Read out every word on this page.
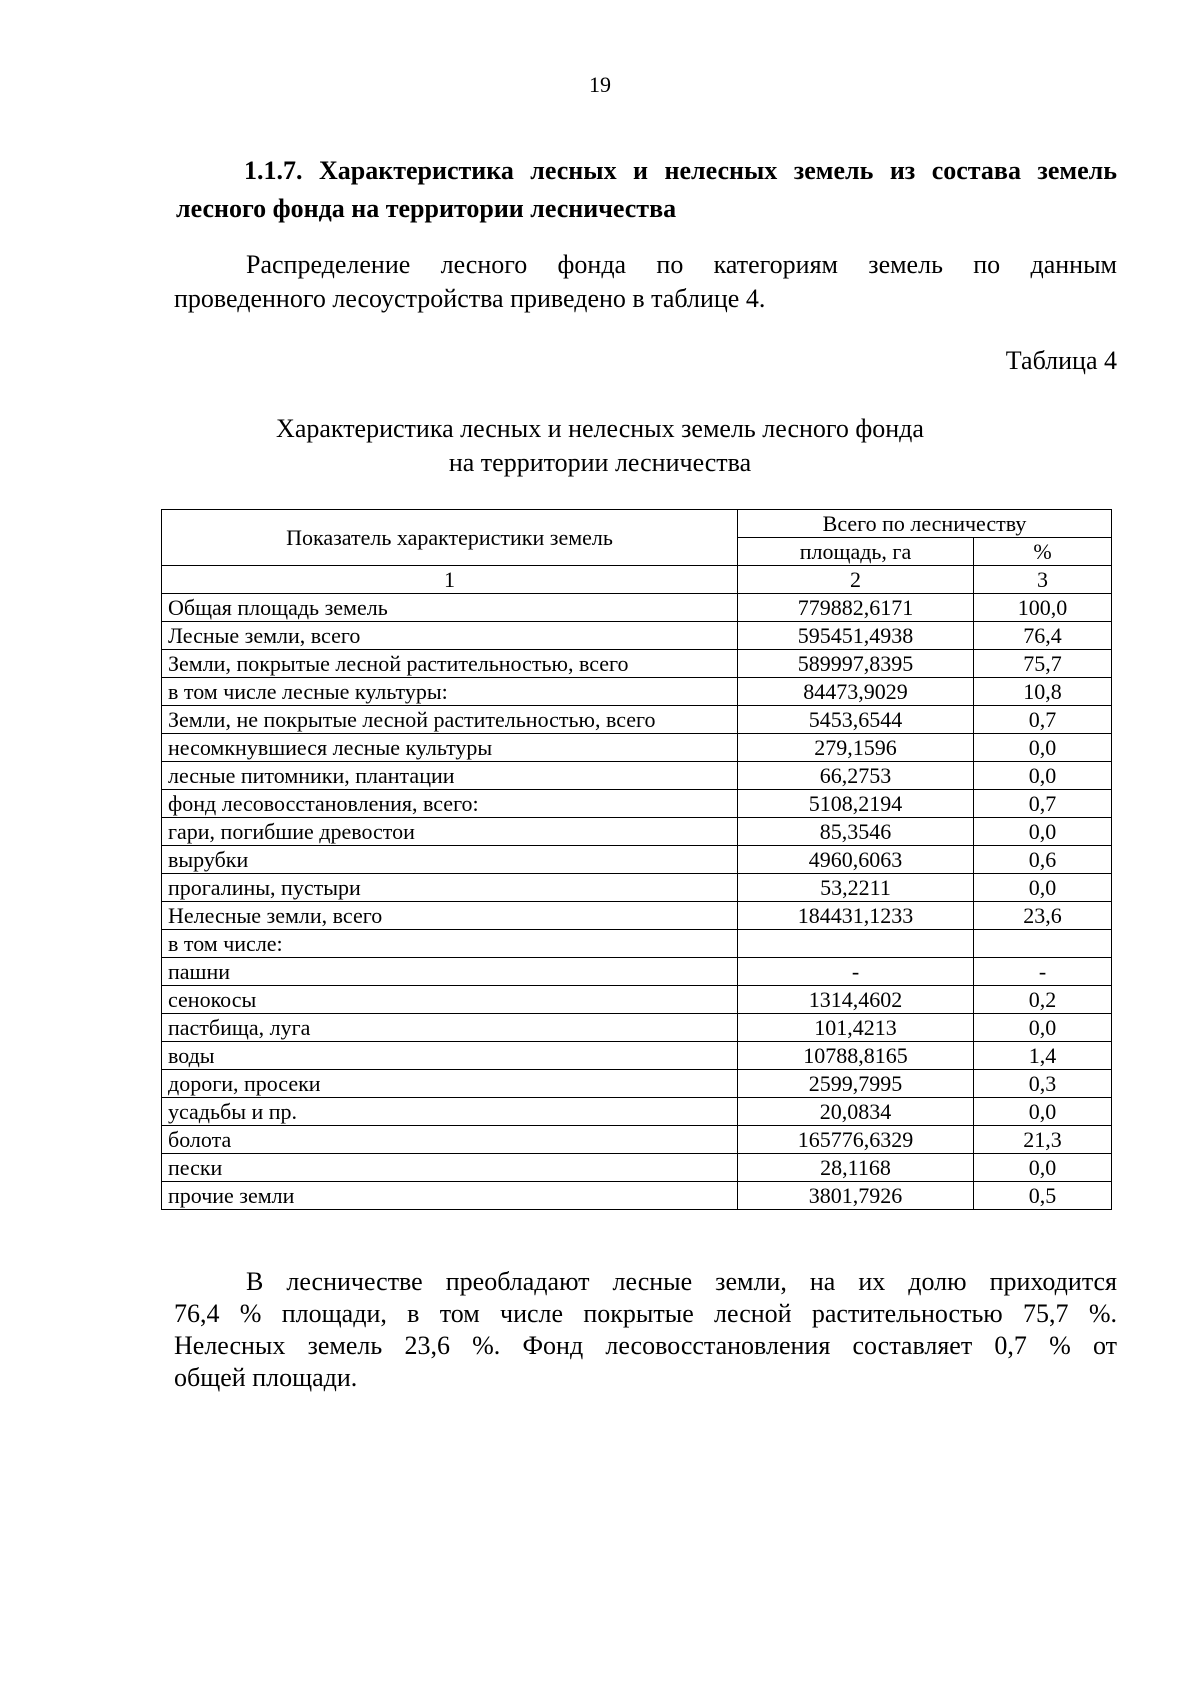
19
1.1.7. Характеристика лесных и нелесных земель из состава земель
лесного фонда на территории лесничества
Распределение лесного фонда по категориям земель по данным
проведенного лесоустройства приведено в таблице 4.
Таблица 4
Характеристика лесных и нелесных земель лесного фонда
на территории лесничества
Показатель характеристики земель	Всего по лесничеству	
	площадь, га	%
1	2	3
Общая площадь земель	779882,6171	100,0
Лесные земли, всего	595451,4938	76,4
Земли, покрытые лесной растительностью, всего	589997,8395	75,7
в том числе лесные культуры:	84473,9029	10,8
Земли, не покрытые лесной растительностью, всего	5453,6544	0,7
несомкнувшиеся лесные культуры	279,1596	0,0
лесные питомники, плантации	66,2753	0,0
фонд лесовосстановления, всего:	5108,2194	0,7
гари, погибшие древостои	85,3546	0,0
вырубки	4960,6063	0,6
прогалины, пустыри	53,2211	0,0
Нелесные земли, всего	184431,1233	23,6
в том числе:		
пашни	-	-
сенокосы	1314,4602	0,2
пастбища, луга	101,4213	0,0
воды	10788,8165	1,4
дороги, просеки	2599,7995	0,3
усадьбы и пр.	20,0834	0,0
болота	165776,6329	21,3
пески	28,1168	0,0
прочие земли	3801,7926	0,5
В лесничестве преобладают лесные земли, на их долю приходится
76,4 % площади, в том числе покрытые лесной растительностью 75,7 %.
Нелесных земель 23,6 %. Фонд лесовосстановления составляет 0,7 % от
общей площади.
